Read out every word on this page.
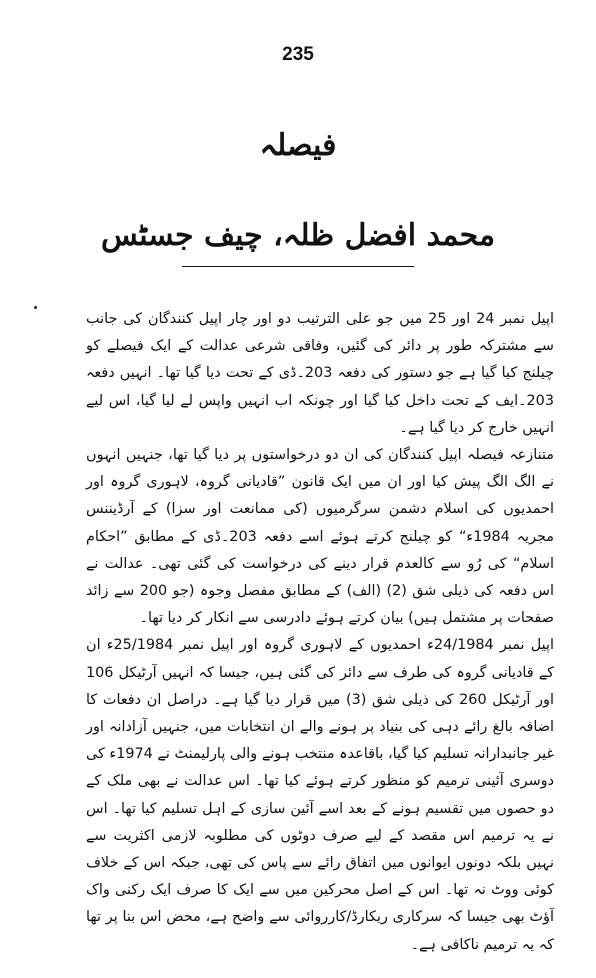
235
فیصلہ
محمد افضل ظلہ، چیف جسٹس

اپیل نمبر 24 اور 25 میں جو علی الترتیب دو اور چار اپیل کنندگان کی جانب سے مشترکہ طور پر دائر کی گئیں، وفاقی شرعی عدالت کے ایک فیصلے کو چیلنج کیا گیا ہے جو دستور کی دفعہ 203۔ڈی کے تحت دیا گیا تھا۔ انہیں دفعہ 203۔ایف کے تحت داخل کیا گیا اور چونکہ اب انہیں واپس لے لیا گیا، اس لیے انہیں خارج کر دیا گیا ہے۔

متنازعہ فیصلہ اپیل کنندگان کی ان دو درخواستوں پر دیا گیا تھا، جنہیں انہوں نے الگ الگ پیش کیا اور ان میں ایک قانون ”قادیانی گروہ، لاہوری گروہ اور احمدیوں کی اسلام دشمن سرگرمیوں (کی ممانعت اور سزا) کے آرڈیننس مجریہ 1984ء“ کو چیلنج کرتے ہوئے اسے دفعہ 203۔ڈی کے مطابق ”احکام اسلام“ کی رُو سے کالعدم قرار دینے کی درخواست کی گئی تھی۔ عدالت نے اس دفعہ کی ذیلی شق (2) (الف) کے مطابق مفصل وجوہ (جو 200 سے زائد صفحات پر مشتمل ہیں) بیان کرتے ہوئے دادرسی سے انکار کر دیا تھا۔

اپیل نمبر 24/1984ء احمدیوں کے لاہوری گروہ اور اپیل نمبر 25/1984ء ان کے قادیانی گروہ کی طرف سے دائر کی گئی ہیں، جیسا کہ انہیں آرٹیکل 106 اور آرٹیکل 260 کی ذیلی شق (3) میں قرار دیا گیا ہے۔ دراصل ان دفعات کا اضافہ بالغ رائے دہی کی بنیاد پر ہونے والے ان انتخابات میں، جنہیں آزادانہ اور غیر جانبدارانہ تسلیم کیا گیا، باقاعدہ منتخب ہونے والی پارلیمنٹ نے 1974ء کی دوسری آئینی ترمیم کو منظور کرتے ہوئے کیا تھا۔ اس عدالت نے بھی ملک کے دو حصوں میں تقسیم ہونے کے بعد اسے آئین سازی کے اہل تسلیم کیا تھا۔ اس نے یہ ترمیم اس مقصد کے لیے صرف دوٹوں کی مطلوبہ لازمی اکثریت سے نہیں بلکہ دونوں ایوانوں میں اتفاق رائے سے پاس کی تھی، جبکہ اس کے خلاف کوئی ووٹ نہ تھا۔ اس کے اصل محرکین میں سے ایک کا صرف ایک رکنی واک آؤٹ بھی جیسا کہ سرکاری ریکارڈ/کارروائی سے واضح ہے، محض اس بنا پر تھا کہ یہ ترمیم ناکافی ہے۔
